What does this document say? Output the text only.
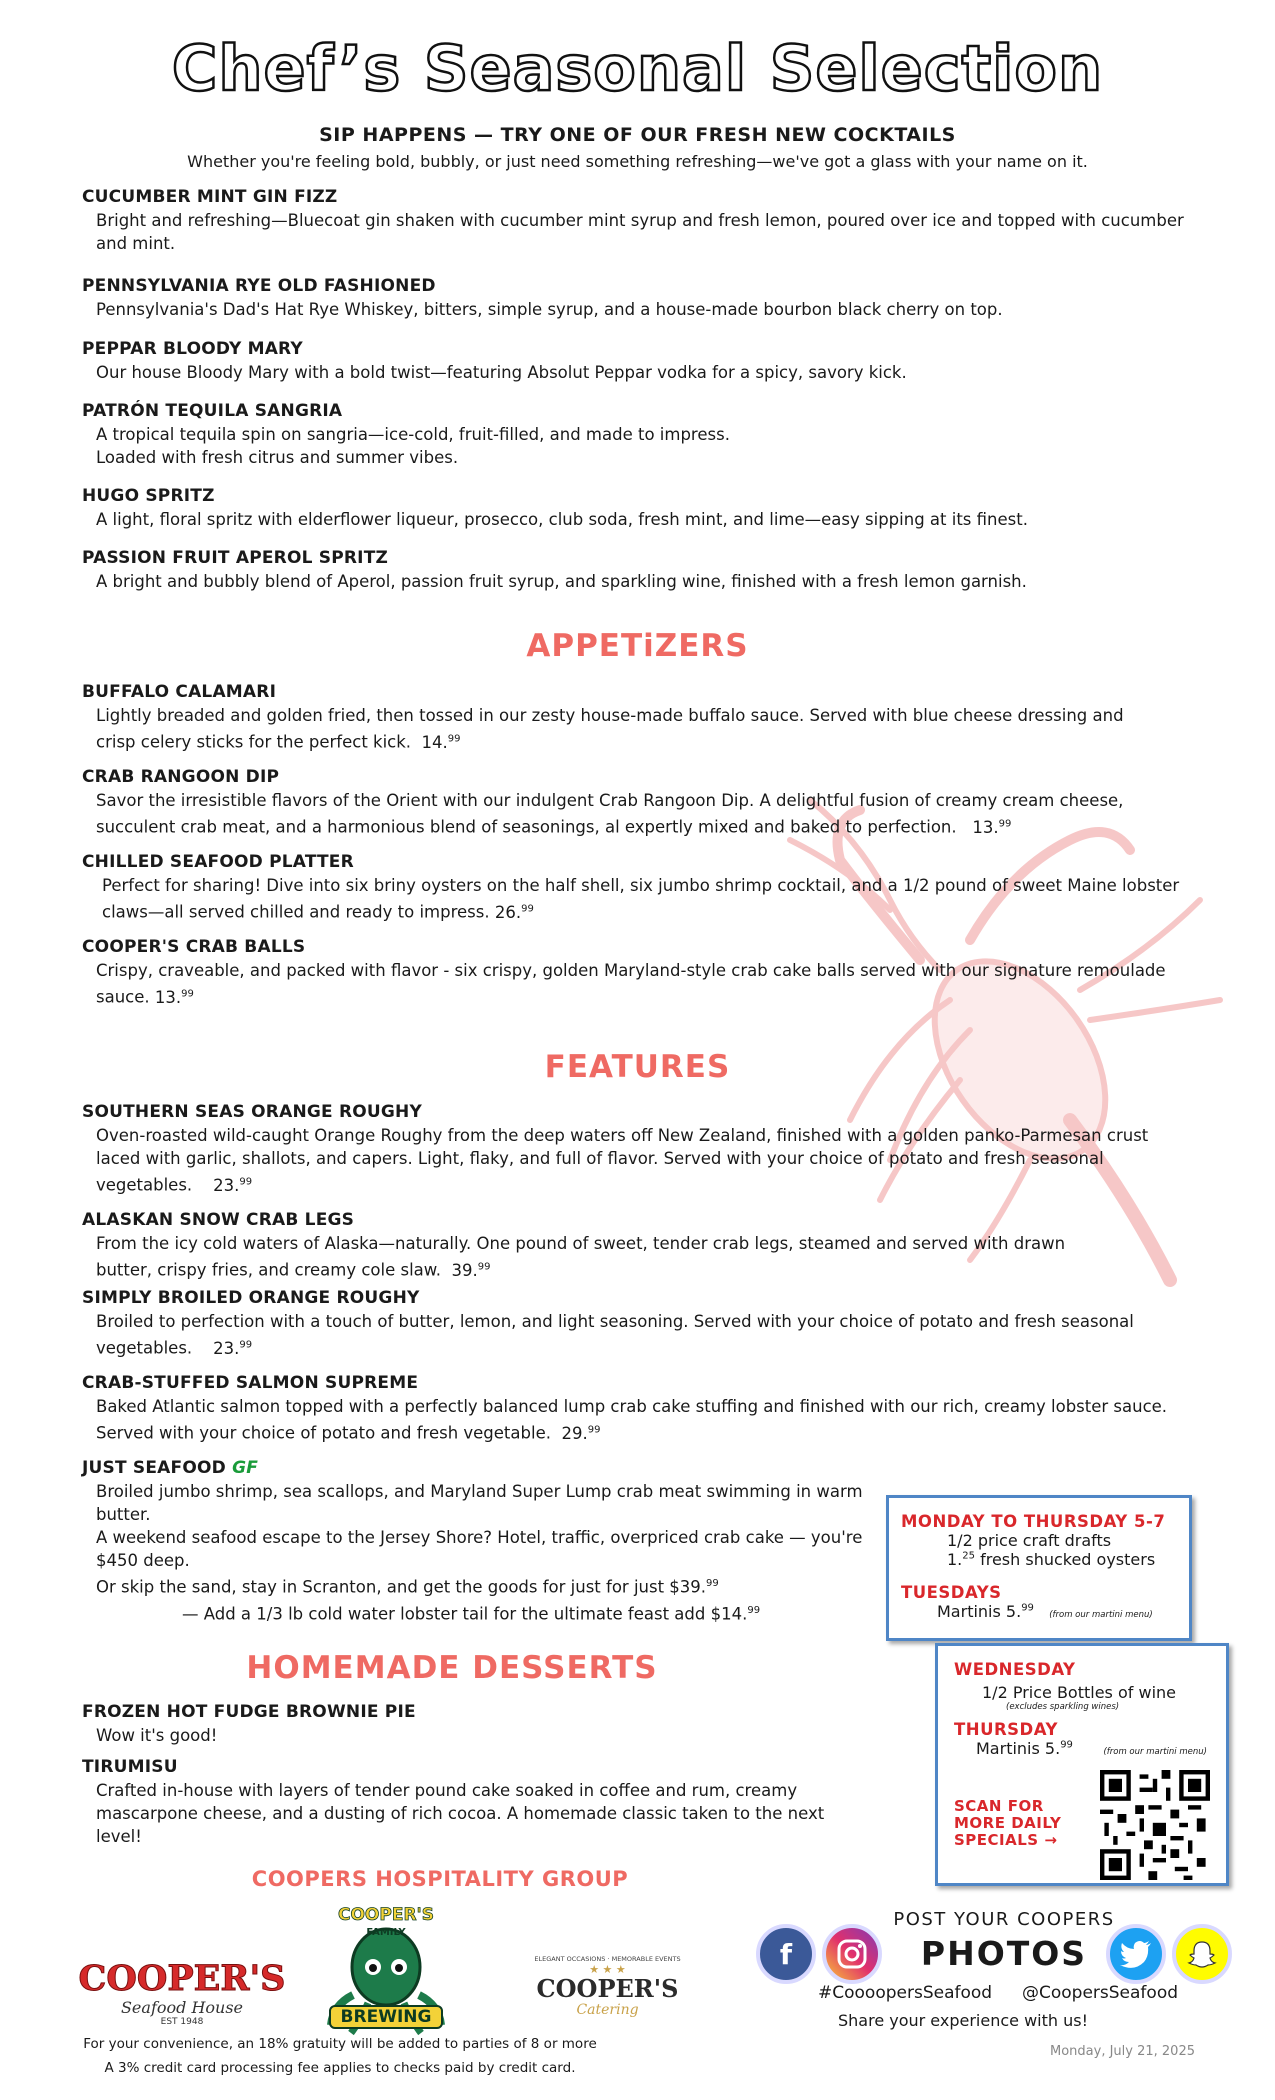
Chef’s Seasonal Selection
SIP HAPPENS — TRY ONE OF OUR FRESH NEW COCKTAILS
Whether you're feeling bold, bubbly, or just need something refreshing—we've got a glass with your name on it.
CUCUMBER MINT GIN FIZZ
Bright and refreshing—Bluecoat gin shaken with cucumber mint syrup and fresh lemon, poured over ice and topped with cucumber and mint.
PENNSYLVANIA RYE OLD FASHIONED
Pennsylvania's Dad's Hat Rye Whiskey, bitters, simple syrup, and a house-made bourbon black cherry on top.
PEPPAR BLOODY MARY
Our house Bloody Mary with a bold twist—featuring Absolut Peppar vodka for a spicy, savory kick.
PATRÓN TEQUILA SANGRIA
A tropical tequila spin on sangria—ice-cold, fruit-filled, and made to impress.
Loaded with fresh citrus and summer vibes.
HUGO SPRITZ
A light, floral spritz with elderflower liqueur, prosecco, club soda, fresh mint, and lime—easy sipping at its finest.
PASSION FRUIT APEROL SPRITZ
A bright and bubbly blend of Aperol, passion fruit syrup, and sparkling wine, finished with a fresh lemon garnish.
APPETiZERS
BUFFALO CALAMARI
Lightly breaded and golden fried, then tossed in our zesty house-made buffalo sauce. Served with blue cheese dressing and crisp celery sticks for the perfect kick. 14.99
CRAB RANGOON DIP
Savor the irresistible flavors of the Orient with our indulgent Crab Rangoon Dip. A delightful fusion of creamy cream cheese, succulent crab meat, and a harmonious blend of seasonings, al expertly mixed and baked to perfection. 13.99
CHILLED SEAFOOD PLATTER
Perfect for sharing! Dive into six briny oysters on the half shell, six jumbo shrimp cocktail, and a 1/2 pound of sweet Maine lobster claws—all served chilled and ready to impress. 26.99
COOPER'S CRAB BALLS
Crispy, craveable, and packed with flavor - six crispy, golden Maryland-style crab cake balls served with our signature remoulade sauce. 13.99
FEATURES
SOUTHERN SEAS ORANGE ROUGHY
Oven-roasted wild-caught Orange Roughy from the deep waters off New Zealand, finished with a golden panko-Parmesan crust laced with garlic, shallots, and capers. Light, flaky, and full of flavor. Served with your choice of potato and fresh seasonal vegetables. 23.99
ALASKAN SNOW CRAB LEGS
From the icy cold waters of Alaska—naturally. One pound of sweet, tender crab legs, steamed and served with drawn butter, crispy fries, and creamy cole slaw. 39.99
SIMPLY BROILED ORANGE ROUGHY
Broiled to perfection with a touch of butter, lemon, and light seasoning. Served with your choice of potato and fresh seasonal vegetables. 23.99
CRAB-STUFFED SALMON SUPREME
Baked Atlantic salmon topped with a perfectly balanced lump crab cake stuffing and finished with our rich, creamy lobster sauce. Served with your choice of potato and fresh vegetable. 29.99
JUST SEAFOOD GF
Broiled jumbo shrimp, sea scallops, and Maryland Super Lump crab meat swimming in warm butter.
A weekend seafood escape to the Jersey Shore? Hotel, traffic, overpriced crab cake — you're $450 deep.
Or skip the sand, stay in Scranton, and get the goods for just for just $39.99
— Add a 1/3 lb cold water lobster tail for the ultimate feast add $14.99
HOMEMADE DESSERTS
FROZEN HOT FUDGE BROWNIE PIE
Wow it's good!
TIRUMISU
Crafted in-house with layers of tender pound cake soaked in coffee and rum, creamy mascarpone cheese, and a dusting of rich cocoa. A homemade classic taken to the next level!
MONDAY TO THURSDAY 5-7
1/2 price craft drafts
1.25 fresh shucked oysters
TUESDAYS
Martinis 5.99   (from our martini menu)
WEDNESDAY
1/2 Price Bottles of wine
(excludes sparkling wines)
THURSDAY
Martinis 5.99      (from our martini menu)
SCAN FOR MORE DAILY SPECIALS →
COOPERS HOSPITALITY GROUP
COOPER'S
Seafood House
EST 1948
COOPER'S
FAMILY
BREWING
ELEGANT OCCASIONS · MEMORABLE EVENTS
★ ★ ★
COOPER'S
Catering
POST YOUR COOPERS
PHOTOS
f
#CoooopersSeafood	@CoopersSeafood
Share your experience with us!
For your convenience, an 18% gratuity will be added to parties of 8 or more
A 3% credit card processing fee applies to checks paid by credit card.
Monday, July 21, 2025
